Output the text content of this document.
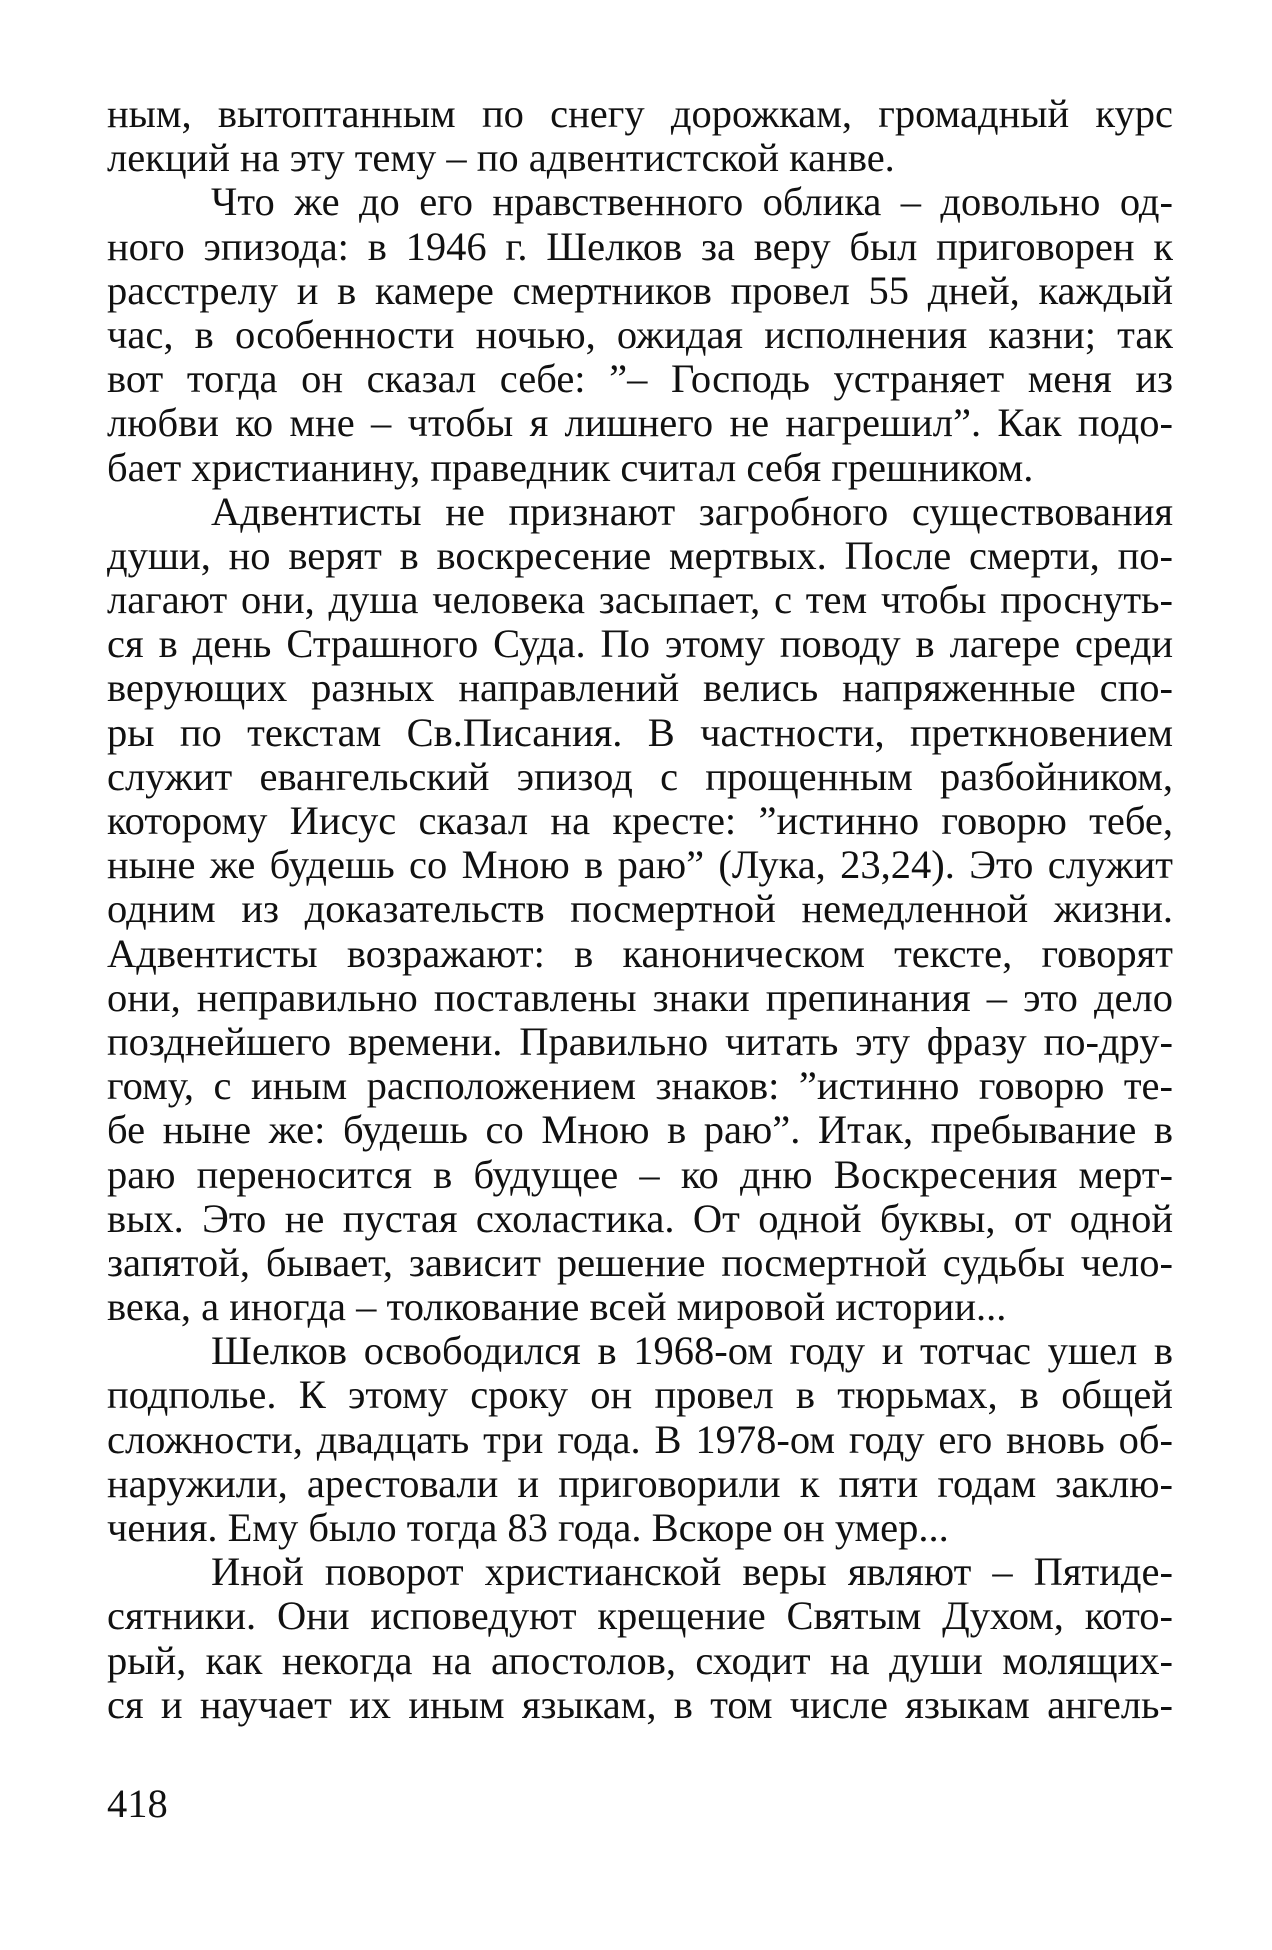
ным, вытоптанным по снегу дорожкам, громадный курс
лекций на эту тему – по адвентистской канве.
Что же до его нравственного облика – довольно од-
ного эпизода: в 1946 г. Шелков за веру был приговорен к
расстрелу и в камере смертников провел 55 дней, каждый
час, в особенности ночью, ожидая исполнения казни; так
вот тогда он сказал себе: ”– Господь устраняет меня из
любви ко мне – чтобы я лишнего не нагрешил”. Как подо-
бает христианину, праведник считал себя грешником.
Адвентисты не признают загробного существования
души, но верят в воскресение мертвых. После смерти, по-
лагают они, душа человека засыпает, с тем чтобы проснуть-
ся в день Страшного Суда. По этому поводу в лагере среди
верующих разных направлений велись напряженные спо-
ры по текстам Св.Писания. В частности, преткновением
служит евангельский эпизод с прощенным разбойником,
которому Иисус сказал на кресте: ”истинно говорю тебе,
ныне же будешь со Мною в раю” (Лука, 23,24). Это служит
одним из доказательств посмертной немедленной жизни.
Адвентисты возражают: в каноническом тексте, говорят
они, неправильно поставлены знаки препинания – это дело
позднейшего времени. Правильно читать эту фразу по-дру-
гому, с иным расположением знаков: ”истинно говорю те-
бе ныне же: будешь со Мною в раю”. Итак, пребывание в
раю переносится в будущее – ко дню Воскресения мерт-
вых. Это не пустая схоластика. От одной буквы, от одной
запятой, бывает, зависит решение посмертной судьбы чело-
века, а иногда – толкование всей мировой истории...
Шелков освободился в 1968-ом году и тотчас ушел в
подполье. К этому сроку он провел в тюрьмах, в общей
сложности, двадцать три года. В 1978-ом году его вновь об-
наружили, арестовали и приговорили к пяти годам заклю-
чения. Ему было тогда 83 года. Вскоре он умер...
Иной поворот христианской веры являют – Пятиде-
сятники. Они исповедуют крещение Святым Духом, кото-
рый, как некогда на апостолов, сходит на души молящих-
ся и научает их иным языкам, в том числе языкам ангель-
418
